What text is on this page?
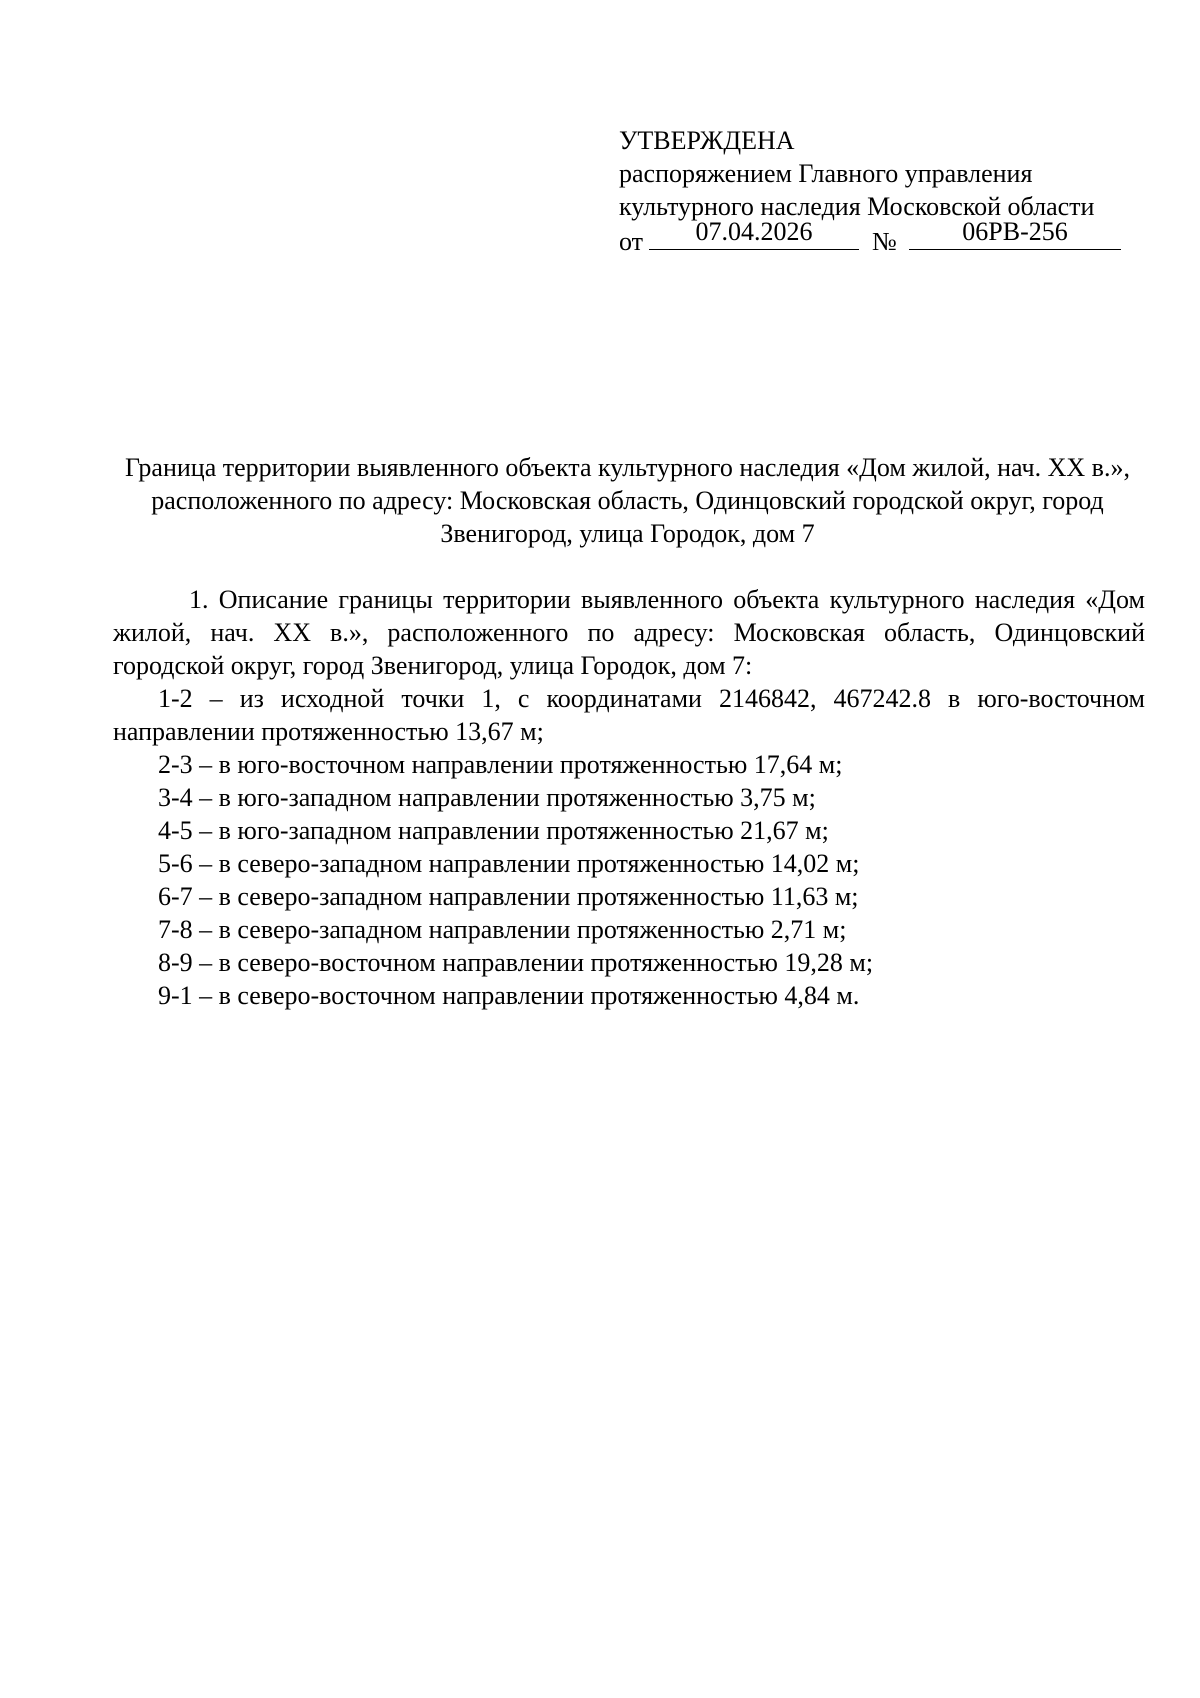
УТВЕРЖДЕНА
распоряжением Главного управления
культурного наследия Московской области
от	07.04.2026	№	06РВ-256
Граница территории выявленного объекта культурного наследия «Дом жилой, нач. XX в.», расположенного по адресу: Московская область, Одинцовский городской округ, город Звенигород, улица Городок, дом 7

1. Описание границы территории выявленного объекта культурного наследия «Дом жилой, нач. XX в.», расположенного по адресу: Московская область, Одинцовский городской округ, город Звенигород, улица Городок, дом 7:

1-2 – из исходной точки 1, с координатами 2146842, 467242.8 в юго-восточном направлении протяженностью 13,67 м;

2-3 – в юго-восточном направлении протяженностью 17,64 м;

3-4 – в юго-западном направлении протяженностью 3,75 м;

4-5 – в юго-западном направлении протяженностью 21,67 м;

5-6 – в северо-западном направлении протяженностью 14,02 м;

6-7 – в северо-западном направлении протяженностью 11,63 м;

7-8 – в северо-западном направлении протяженностью 2,71 м;

8-9 – в северо-восточном направлении протяженностью 19,28 м;

9-1 – в северо-восточном направлении протяженностью 4,84 м.
